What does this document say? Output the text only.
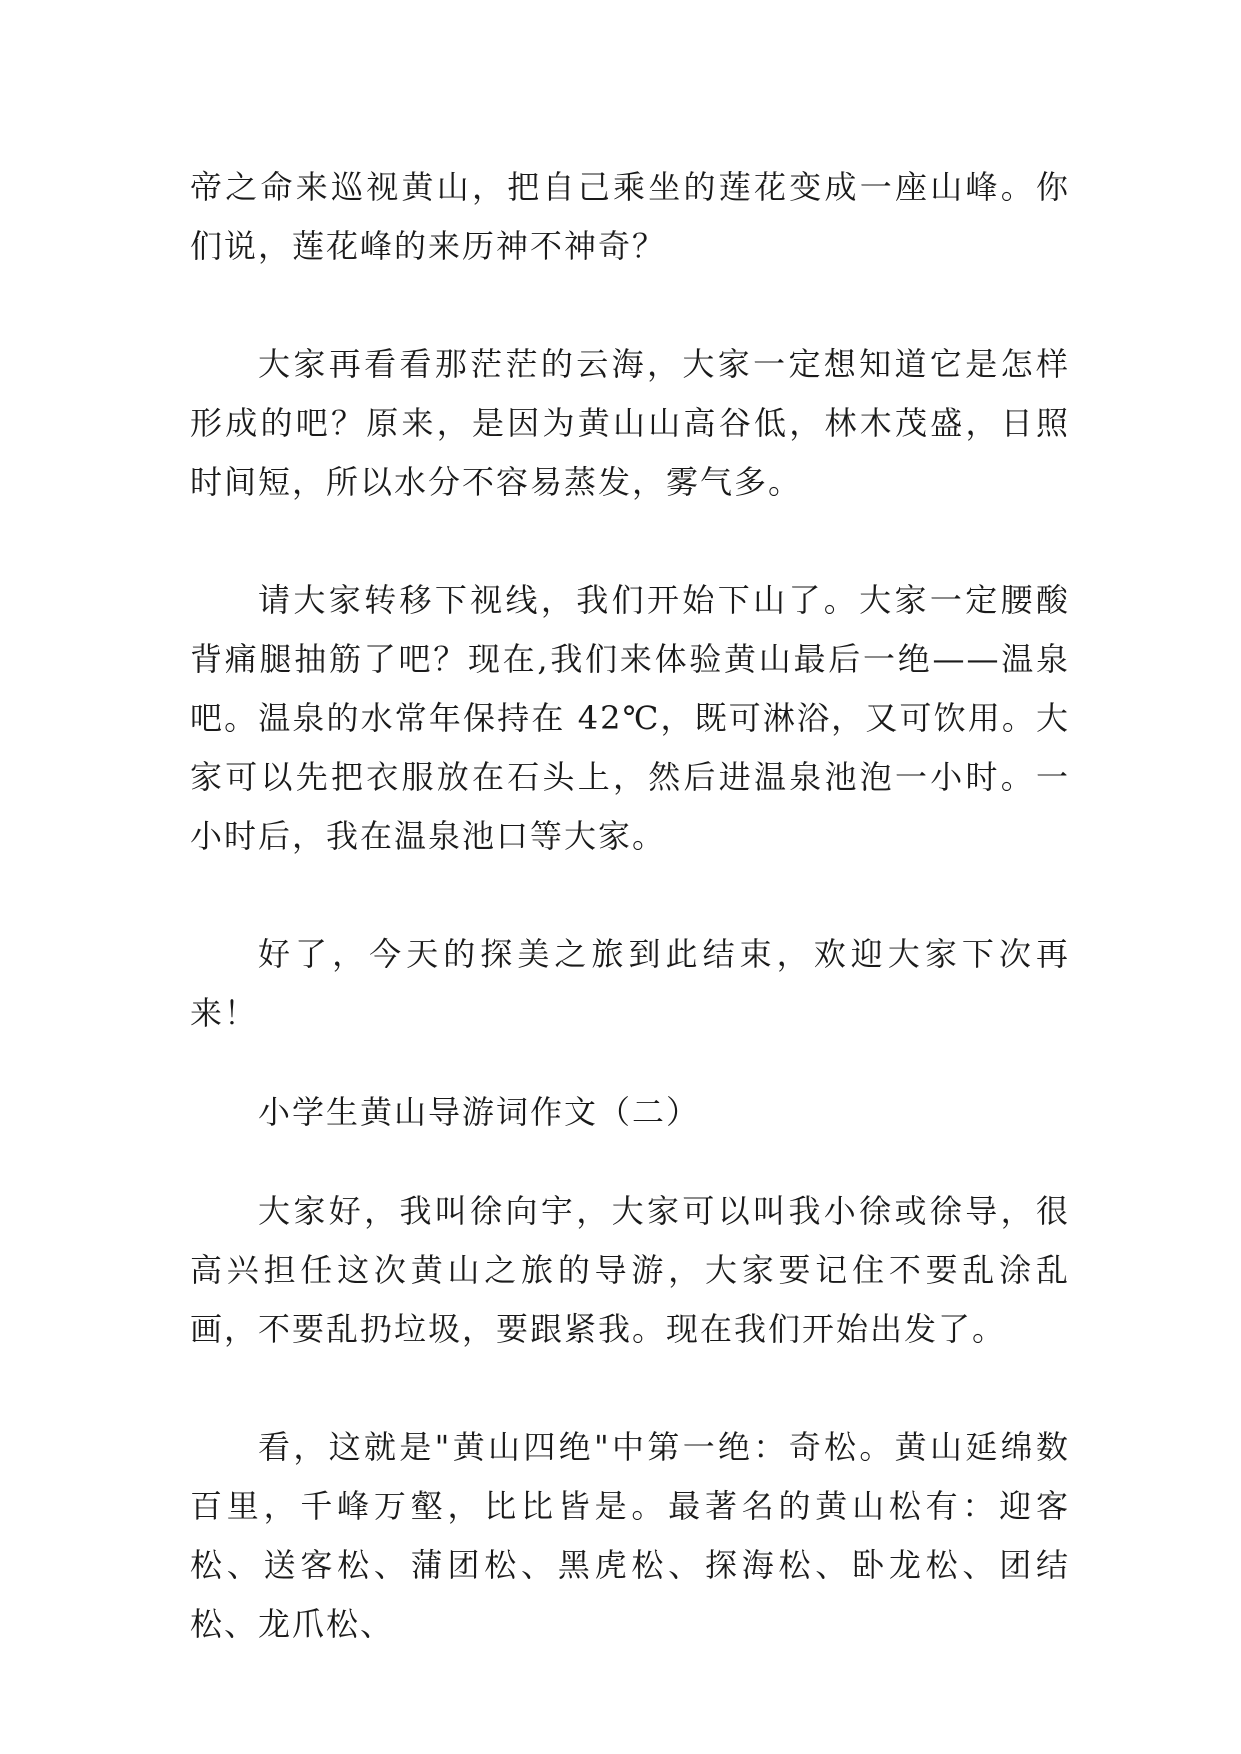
帝之命来巡视黄山，把自己乘坐的莲花变成一座山峰。你们说，莲花峰的来历神不神奇？

大家再看看那茫茫的云海，大家一定想知道它是怎样形成的吧？原来，是因为黄山山高谷低，林木茂盛，日照时间短，所以水分不容易蒸发，雾气多。

请大家转移下视线，我们开始下山了。大家一定腰酸背痛腿抽筋了吧？现在,我们来体验黄山最后一绝——温泉吧。温泉的水常年保持在 42℃，既可淋浴，又可饮用。大家可以先把衣服放在石头上，然后进温泉池泡一小时。一小时后，我在温泉池口等大家。

好了，今天的探美之旅到此结束，欢迎大家下次再来！

小学生黄山导游词作文（二）

大家好，我叫徐向宇，大家可以叫我小徐或徐导，很高兴担任这次黄山之旅的导游，大家要记住不要乱涂乱画，不要乱扔垃圾，要跟紧我。现在我们开始出发了。

看，这就是"黄山四绝"中第一绝：奇松。黄山延绵数百里，千峰万壑，比比皆是。最著名的黄山松有：迎客松、送客松、蒲团松、黑虎松、探海松、卧龙松、团结松、龙爪松、
